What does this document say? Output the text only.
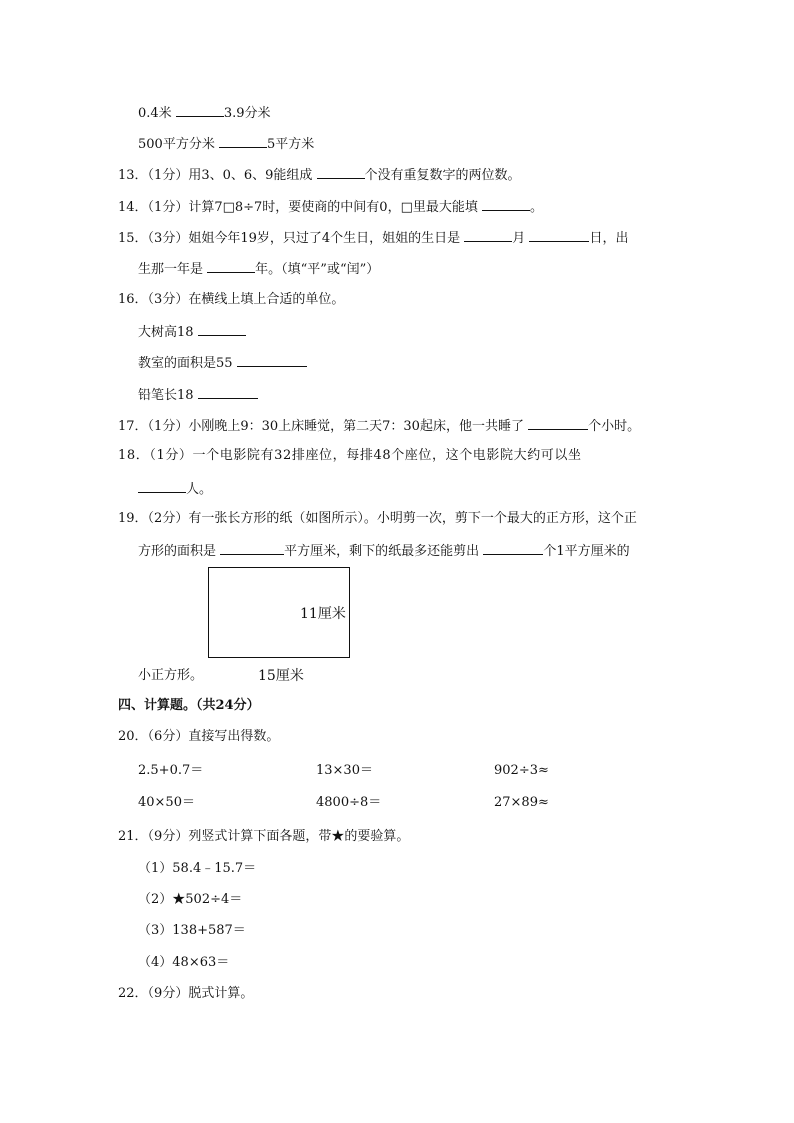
0.4米	3.9分米
500平方分米	5平方米
13．（1分）用3、0、6、9能组成	个没有重复数字的两位数。
14．（1分）计算7□8÷7时，要使商的中间有0，□里最大能填	。
15．（3分）姐姐今年19岁，只过了4个生日，姐姐的生日是	月	日，出
生那一年是	年。（填“平”或“闰”）
16．（3分）在横线上填上合适的单位。
大树高18
教室的面积是55
铅笔长18
17．（1分）小刚晚上9：30上床睡觉，第二天7：30起床，他一共睡了	个小时。
18．（1分）一个电影院有32排座位，每排48个座位，这个电影院大约可以坐
人。
19．（2分）有一张长方形的纸（如图所示）。小明剪一次，剪下一个最大的正方形，这个正
方形的面积是	平方厘米，剩下的纸最多还能剪出	个1平方厘米的
11厘米
15厘米
小正方形。
四、计算题。（共24分）
20．（6分）直接写出得数。
2.5+0.7＝	13×30＝	902÷3≈
40×50＝	4800÷8＝	27×89≈
21．（9分）列竖式计算下面各题，带★的要验算。
（1）58.4﹣15.7＝
（2）★502÷4＝
（3）138+587＝
（4）48×63＝
22．（9分）脱式计算。
